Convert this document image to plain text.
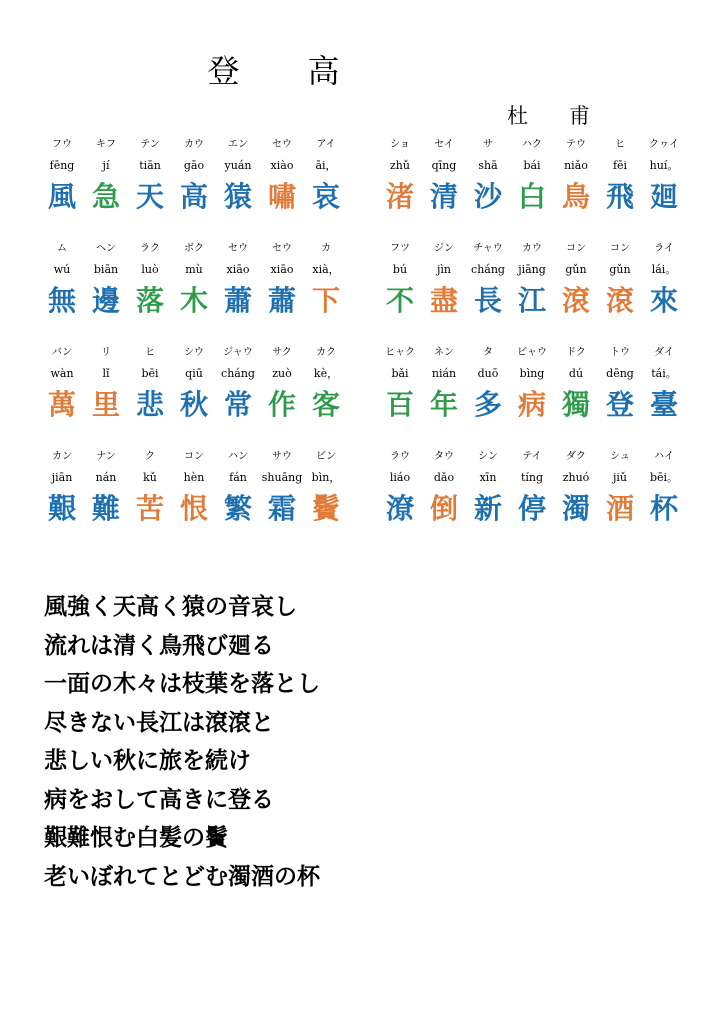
登　高
杜　甫
フウ
fēng
風
キフ
jí
急
テン
tiān
天
カウ
gāo
高
エン
yuán
猿
セウ
xiào
嘯
アイ
āi，
哀
ショ
zhǔ
渚
セイ
qīng
清
サ
shā
沙
ハク
bái
白
テウ
niǎo
鳥
ヒ
fēi
飛
クヮイ
huí。
廻
ム
wú
無
ヘン
biān
邊
ラク
luò
落
ボク
mù
木
セウ
xiāo
蕭
セウ
xiāo
蕭
カ
xià，
下
フツ
bú
不
ジン
jìn
盡
チャウ
cháng
長
カウ
jiāng
江
コン
gǔn
滾
コン
gǔn
滾
ライ
lái。
來
バン
wàn
萬
リ
lǐ
里
ヒ
bēi
悲
シウ
qiū
秋
ジャウ
cháng
常
サク
zuò
作
カク
kè，
客
ヒャク
bǎi
百
ネン
nián
年
タ
duō
多
ビャウ
bìng
病
ドク
dú
獨
トウ
dēng
登
ダイ
tái。
臺
カン
jiān
艱
ナン
nán
難
ク
kǔ
苦
コン
hèn
恨
ハン
fán
繁
サウ
shuāng
霜
ビン
bìn，
鬢
ラウ
liáo
潦
タウ
dǎo
倒
シン
xīn
新
テイ
tíng
停
ダク
zhuó
濁
シュ
jiǔ
酒
ハイ
bēi。
杯
風強く天高く猿の音哀し
流れは清く鳥飛び廻る
一面の木々は枝葉を落とし
尽きない長江は滾滾と
悲しい秋に旅を続け
病をおして高きに登る
艱難恨む白髪の鬢
老いぼれてとどむ濁酒の杯
